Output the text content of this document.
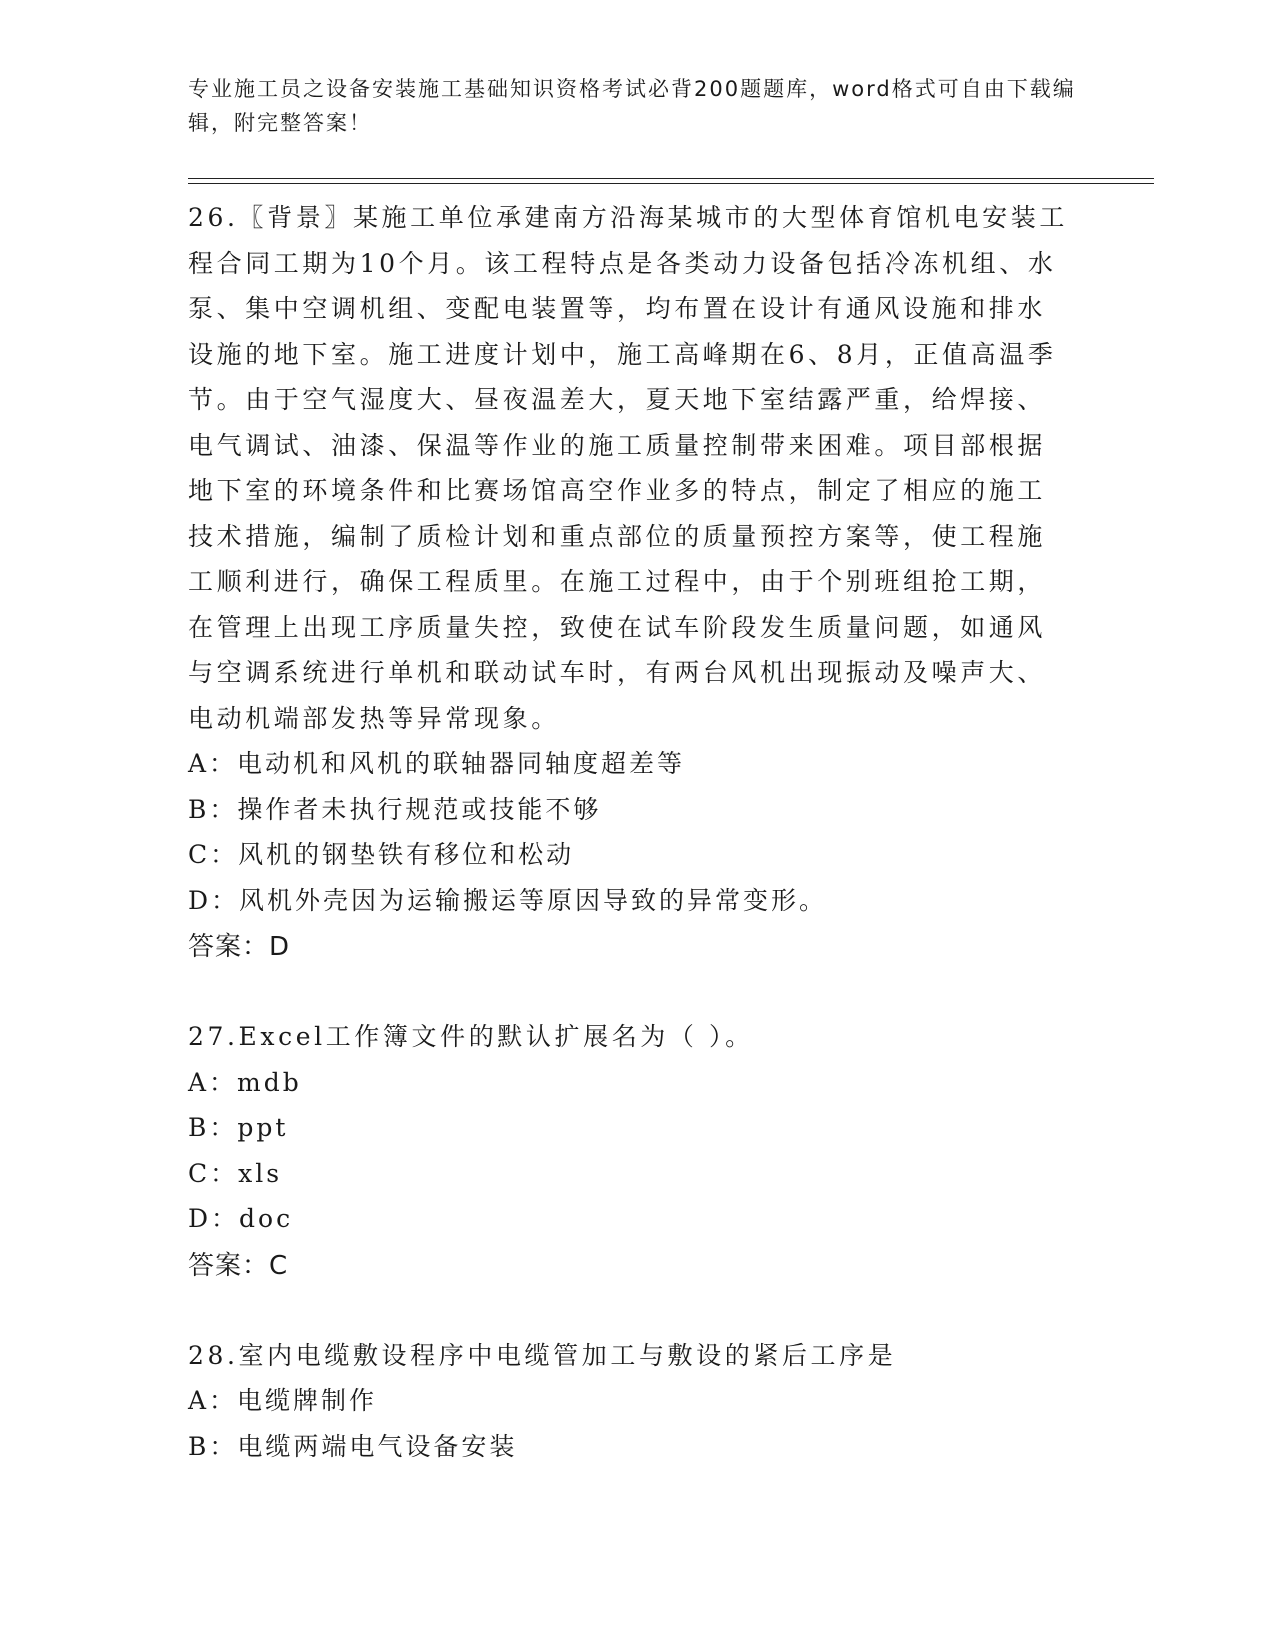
专业施工员之设备安装施工基础知识资格考试必背200题题库，word格式可自由下载编辑，附完整答案！

26.〖背景〗某施工单位承建南方沿海某城市的大型体育馆机电安装工程合同工期为10个月。该工程特点是各类动力设备包括冷冻机组、水泵、集中空调机组、变配电装置等，均布置在设计有通风设施和排水设施的地下室。施工进度计划中，施工高峰期在6、8月，正值高温季节。由于空气湿度大、昼夜温差大，夏天地下室结露严重，给焊接、电气调试、油漆、保温等作业的施工质量控制带来困难。项目部根据地下室的环境条件和比赛场馆高空作业多的特点，制定了相应的施工技术措施，编制了质检计划和重点部位的质量预控方案等，使工程施工顺利进行，确保工程质里。在施工过程中，由于个别班组抢工期，在管理上出现工序质量失控，致使在试车阶段发生质量问题，如通风与空调系统进行单机和联动试车时，有两台风机出现振动及噪声大、电动机端部发热等异常现象。

A：电动机和风机的联轴器同轴度超差等

B：操作者未执行规范或技能不够

C：风机的钢垫铁有移位和松动

D：风机外壳因为运输搬运等原因导致的异常变形。

答案：D

27.Excel工作簿文件的默认扩展名为（ ）。

A：mdb

B：ppt

C：xls

D：doc

答案：C

28.室内电缆敷设程序中电缆管加工与敷设的紧后工序是

A：电缆牌制作

B：电缆两端电气设备安装
